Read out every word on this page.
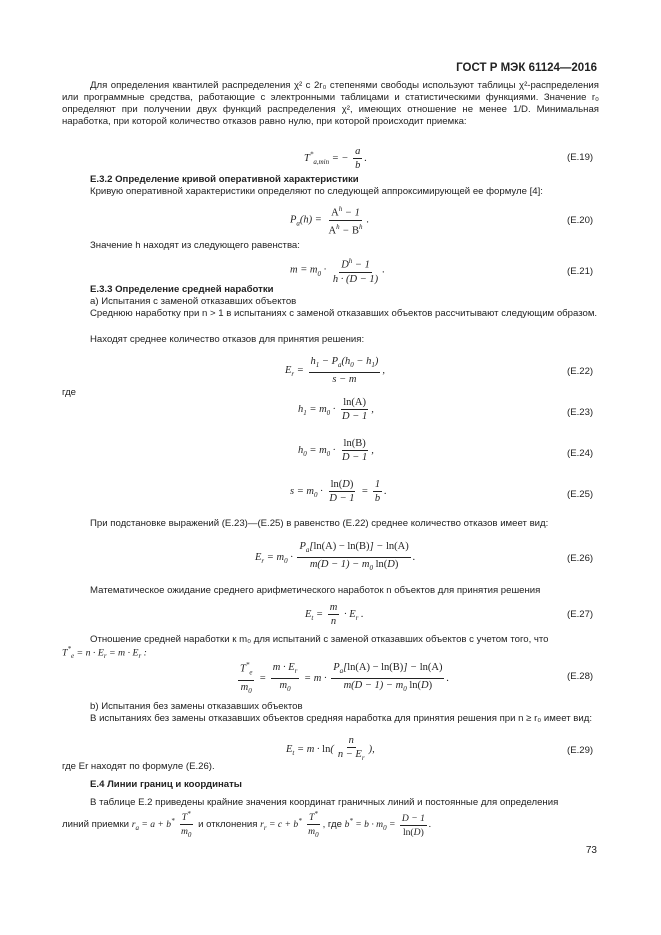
ГОСТ Р МЭК 61124—2016
Для определения квантилей распределения χ² с 2r₀ степенями свободы используют таблицы χ²-распределения или программные средства, работающие с электронными таблицами и статистическими функциями. Значение r₀ определяют при получении двух функций распределения χ², имеющих отношение не менее 1/D. Минимальная наработка, при которой количество отказов равно нулю, при которой происходит приемка:
$T^*_{a,min}$ = − $\frac{a}{b}$ .	(Е.19)
Е.3.2 Определение кривой оперативной характеристики
Кривую оперативной характеристики определяют по следующей аппроксимирующей ее формуле [4]:
$P_a(h) = \frac{A^h - 1}{A^h - B^h}$ .	(Е.20)
Значение h находят из следующего равенства:
$m = m_0 \cdot \frac{D^h - 1}{h \cdot (D - 1)}$ .	(Е.21)
Е.3.3 Определение средней наработки
а) Испытания с заменой отказавших объектов
Среднюю наработку при n > 1 в испытаниях с заменой отказавших объектов рассчитывают следующим образом.
Находят среднее количество отказов для принятия решения:
$E_r = \frac{h_1 - P_a(h_0 - h_1)}{s - m}$ ,	(Е.22)
где
$h_1 = m_0 \cdot \frac{\ln(A)}{D - 1}$ ,	(Е.23)
$h_0 = m_0 \cdot \frac{\ln(B)}{D - 1}$ ,	(Е.24)
$s = m_0 \cdot \frac{\ln(D)}{D - 1} = \frac{1}{b}$ .	(Е.25)
При подстановке выражений (Е.23)—(Е.25) в равенство (Е.22) среднее количество отказов имеет вид:
$E_r = m_0 \cdot \frac{P_a[\ln(A) - \ln(B)] - \ln(A)}{m(D - 1) - m_0 \ln(D)}$ .	(Е.26)
Математическое ожидание среднего арифметического наработок n объектов для принятия решения
$E_t = \frac{m}{n} \cdot E_r$ .	(Е.27)
Отношение средней наработки к m₀ для испытаний с заменой отказавших объектов с учетом того, что
$T^*_e = n \cdot E_r = m \cdot E_r$ :
$\frac{T^*_e}{m_0} = \frac{m \cdot E_r}{m_0} = m \cdot \frac{P_a[\ln(A) - \ln(B)] - \ln(A)}{m(D - 1) - m_0 \ln(D)}$ .	(Е.28)
b) Испытания без замены отказавших объектов
В испытаниях без замены отказавших объектов средняя наработка для принятия решения при n ≥ r₀ имеет вид:
$E_t = m \cdot \ln( \frac{n}{n - E_r}$ ),	(Е.29)
где Er находят по формуле (Е.26).
Е.4 Линии границ и координаты
В таблице Е.2 приведены крайние значения координат граничных линий и постоянные для определения
линий приемки $r_a = a + b^* \frac{T^*}{m_0}$ и отклонения $r_r = c + b^* \frac{T^*}{m_0}$ , где $b^* = b \cdot m_0 = \frac{D - 1}{\ln(D)}$ .
73
